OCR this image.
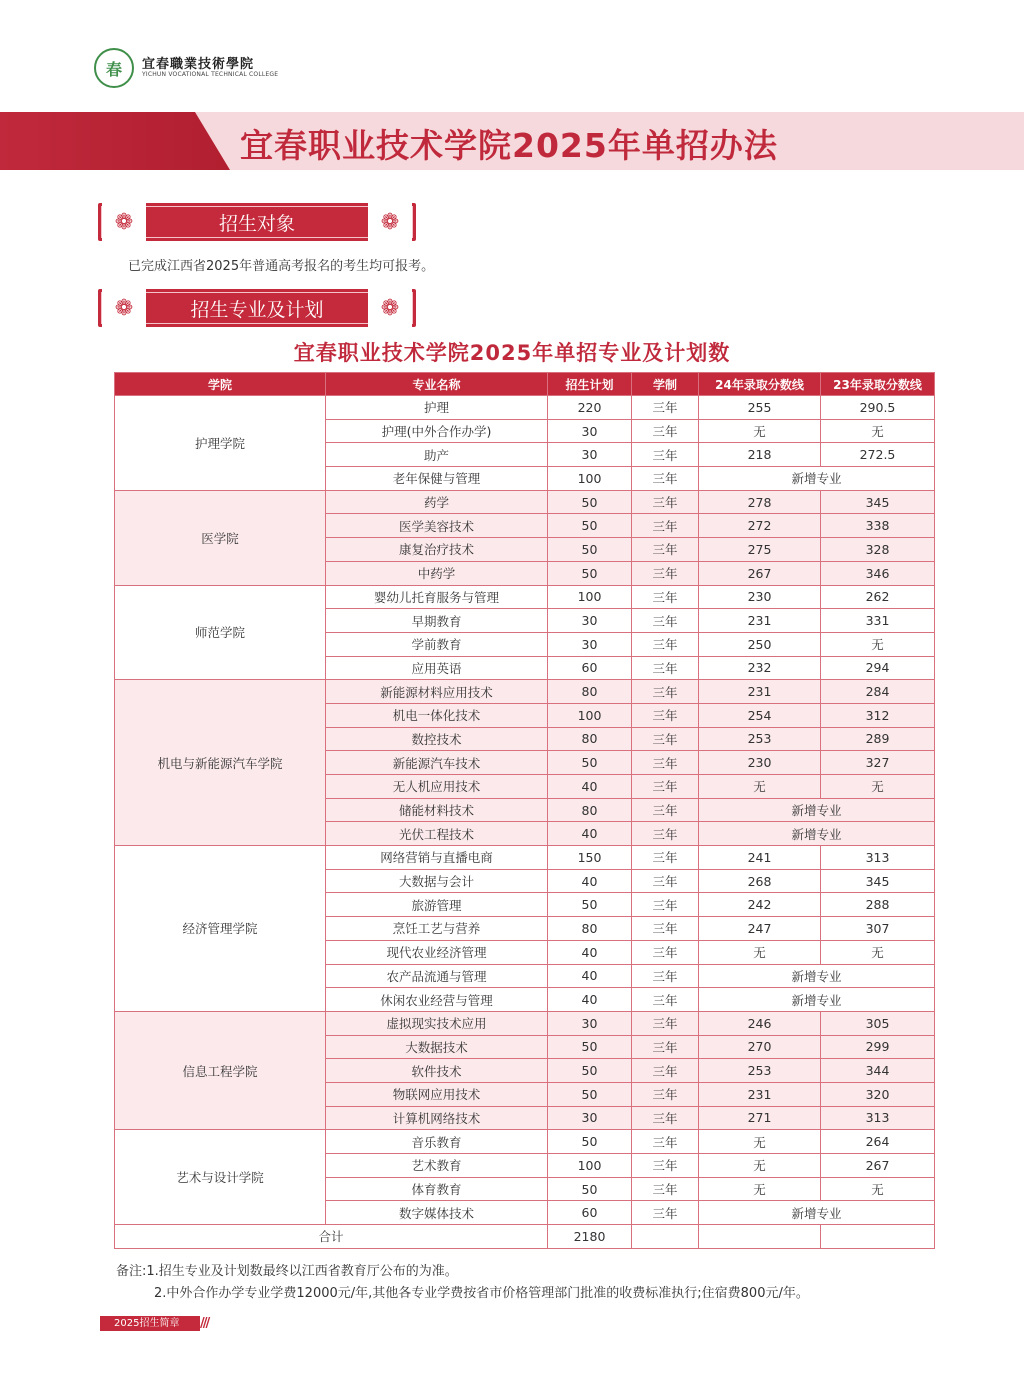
春	宜春職業技術學院
YICHUN VOCATIONAL TECHNICAL COLLEGE
宜春职业技术学院2025年单招办法
❁	❁
招生对象
已完成江西省2025年普通高考报名的考生均可报考。
❁	❁
招生专业及计划
宜春职业技术学院2025年单招专业及计划数
学院	专业名称	招生计划	学制	24年录取分数线	23年录取分数线
护理学院	护理	220	三年	255	290.5
	护理(中外合作办学)	30	三年	无	无
	助产	30	三年	218	272.5
	老年保健与管理	100	三年	新增专业	
医学院	药学	50	三年	278	345
	医学美容技术	50	三年	272	338
	康复治疗技术	50	三年	275	328
	中药学	50	三年	267	346
师范学院	婴幼儿托育服务与管理	100	三年	230	262
	早期教育	30	三年	231	331
	学前教育	30	三年	250	无
	应用英语	60	三年	232	294
机电与新能源汽车学院	新能源材料应用技术	80	三年	231	284
	机电一体化技术	100	三年	254	312
	数控技术	80	三年	253	289
	新能源汽车技术	50	三年	230	327
	无人机应用技术	40	三年	无	无
	储能材料技术	80	三年	新增专业	
	光伏工程技术	40	三年	新增专业	
经济管理学院	网络营销与直播电商	150	三年	241	313
	大数据与会计	40	三年	268	345
	旅游管理	50	三年	242	288
	烹饪工艺与营养	80	三年	247	307
	现代农业经济管理	40	三年	无	无
	农产品流通与管理	40	三年	新增专业	
	休闲农业经营与管理	40	三年	新增专业	
信息工程学院	虚拟现实技术应用	30	三年	246	305
	大数据技术	50	三年	270	299
	软件技术	50	三年	253	344
	物联网应用技术	50	三年	231	320
	计算机网络技术	30	三年	271	313
艺术与设计学院	音乐教育	50	三年	无	264
	艺术教育	100	三年	无	267
	体育教育	50	三年	无	无
	数字媒体技术	60	三年	新增专业	
合计		2180			
备注:1.招生专业及计划数最终以江西省教育厅公布的为准。
2.中外合作办学专业学费12000元/年,其他各专业学费按省市价格管理部门批准的收费标准执行;住宿费800元/年。
2025招生简章	///
